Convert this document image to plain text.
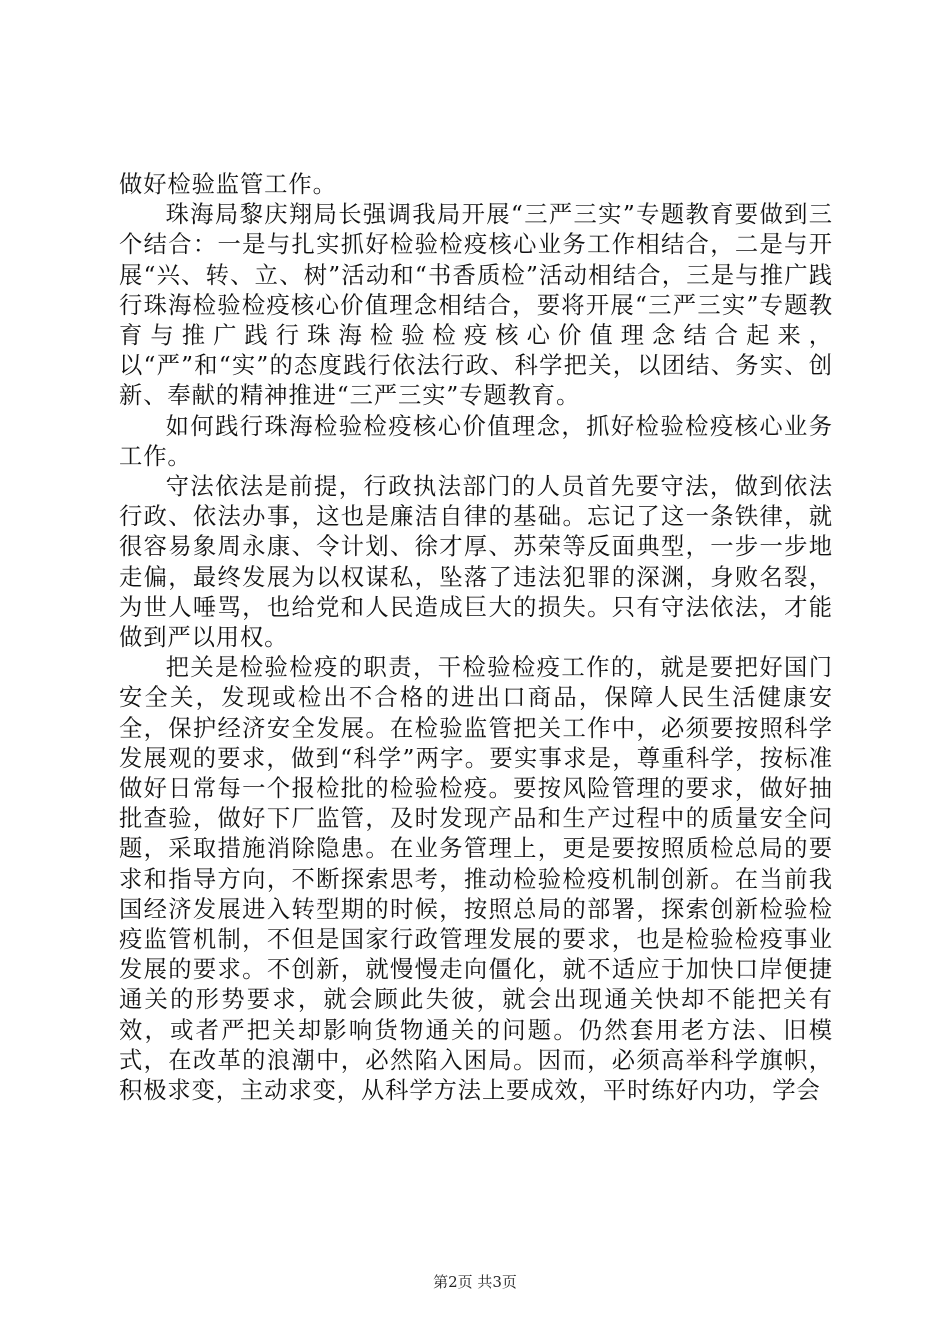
做好检验监管工作。

珠海局黎庆翔局长强调我局开展“三严三实”专题教育要做到三个结合：一是与扎实抓好检验检疫核心业务工作相结合，二是与开展“兴、转、立、树”活动和“书香质检”活动相结合，三是与推广践行珠海检验检疫核心价值理念相结合，要将开展“三严三实”专题教育与推广践行珠海检验检疫核心价值理念结合起来，以“严”和“实”的态度践行依法行政、科学把关，以团结、务实、创新、奉献的精神推进“三严三实”专题教育。

如何践行珠海检验检疫核心价值理念，抓好检验检疫核心业务工作。

守法依法是前提，行政执法部门的人员首先要守法，做到依法行政、依法办事，这也是廉洁自律的基础。忘记了这一条铁律，就很容易象周永康、令计划、徐才厚、苏荣等反面典型，一步一步地走偏，最终发展为以权谋私，坠落了违法犯罪的深渊，身败名裂，为世人唾骂，也给党和人民造成巨大的损失。只有守法依法，才能做到严以用权。

把关是检验检疫的职责，干检验检疫工作的，就是要把好国门安全关，发现或检出不合格的进出口商品，保障人民生活健康安全，保护经济安全发展。在检验监管把关工作中，必须要按照科学发展观的要求，做到“科学”两字。要实事求是，尊重科学，按标准做好日常每一个报检批的检验检疫。要按风险管理的要求，做好抽批查验，做好下厂监管，及时发现产品和生产过程中的质量安全问题，采取措施消除隐患。在业务管理上，更是要按照质检总局的要求和指导方向，不断探索思考，推动检验检疫机制创新。在当前我国经济发展进入转型期的时候，按照总局的部署，探索创新检验检疫监管机制，不但是国家行政管理发展的要求，也是检验检疫事业发展的要求。不创新，就慢慢走向僵化，就不适应于加快口岸便捷通关的形势要求，就会顾此失彼，就会出现通关快却不能把关有效，或者严把关却影响货物通关的问题。仍然套用老方法、旧模式，在改革的浪潮中，必然陷入困局。因而，必须高举科学旗帜，积极求变，主动求变，从科学方法上要成效，平时练好内功，学会

第2页 共3页
